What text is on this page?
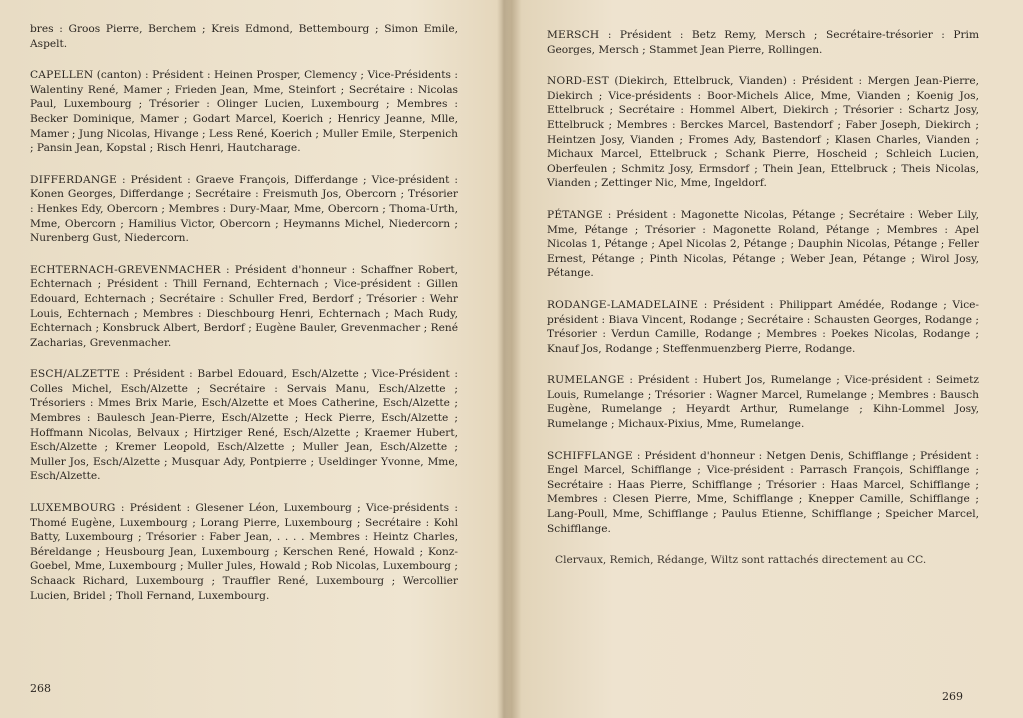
bres : Groos Pierre, Berchem ; Kreis Edmond, Bettembourg ; Simon Emile, Aspelt.

CAPELLEN (canton) : Président : Heinen Prosper, Clemency ; Vice-Présidents : Walentiny René, Mamer ; Frieden Jean, Mme, Steinfort ; Secrétaire : Nicolas Paul, Luxembourg ; Trésorier : Olinger Lucien, Luxembourg ; Membres : Becker Dominique, Mamer ; Godart Marcel, Koerich ; Henricy Jeanne, Mlle, Mamer ; Jung Nicolas, Hivange ; Less René, Koerich ; Muller Emile, Sterpenich ; Pansin Jean, Kopstal ; Risch Henri, Hautcharage.

DIFFERDANGE : Président : Graeve François, Differdange ; Vice-président : Konen Georges, Differdange ; Secrétaire : Freismuth Jos, Obercorn ; Trésorier : Henkes Edy, Obercorn ; Membres : Dury-Maar, Mme, Obercorn ; Thoma-Urth, Mme, Obercorn ; Hamilius Victor, Obercorn ; Heymanns Michel, Niedercorn ; Nurenberg Gust, Niedercorn.

ECHTERNACH-GREVENMACHER : Président d'honneur : Schaffner Robert, Echternach ; Président : Thill Fernand, Echternach ; Vice-président : Gillen Edouard, Echternach ; Secrétaire : Schuller Fred, Berdorf ; Trésorier : Wehr Louis, Echternach ; Membres : Dieschbourg Henri, Echternach ; Mach Rudy, Echternach ; Konsbruck Albert, Berdorf ; Eugène Bauler, Grevenmacher ; René Zacharias, Grevenmacher.

ESCH/ALZETTE : Président : Barbel Edouard, Esch/Alzette ; Vice-Président : Colles Michel, Esch/Alzette ; Secrétaire : Servais Manu, Esch/Alzette ; Trésoriers : Mmes Brix Marie, Esch/Alzette et Moes Catherine, Esch/Alzette ; Membres : Baulesch Jean-Pierre, Esch/Alzette ; Heck Pierre, Esch/Alzette ; Hoffmann Nicolas, Belvaux ; Hirtziger René, Esch/Alzette ; Kraemer Hubert, Esch/Alzette ; Kremer Leopold, Esch/Alzette ; Muller Jean, Esch/Alzette ; Muller Jos, Esch/Alzette ; Musquar Ady, Pontpierre ; Useldinger Yvonne, Mme, Esch/Alzette.

LUXEMBOURG : Président : Glesener Léon, Luxembourg ; Vice-présidents : Thomé Eugène, Luxembourg ; Lorang Pierre, Luxembourg ; Secrétaire : Kohl Batty, Luxembourg ; Trésorier : Faber Jean, . . . . Membres : Heintz Charles, Béreldange ; Heusbourg Jean, Luxembourg ; Kerschen René, Howald ; Konz-Goebel, Mme, Luxembourg ; Muller Jules, Howald ; Rob Nicolas, Luxembourg ; Schaack Richard, Luxembourg ; Trauffler René, Luxembourg ; Wercollier Lucien, Bridel ; Tholl Fernand, Luxembourg.

268

MERSCH : Président : Betz Remy, Mersch ; Secrétaire-trésorier : Prim Georges, Mersch ; Stammet Jean Pierre, Rollingen.

NORD-EST (Diekirch, Ettelbruck, Vianden) : Président : Mergen Jean-Pierre, Diekirch ; Vice-présidents : Boor-Michels Alice, Mme, Vianden ; Koenig Jos, Ettelbruck ; Secrétaire : Hommel Albert, Diekirch ; Trésorier : Schartz Josy, Ettelbruck ; Membres : Berckes Marcel, Bastendorf ; Faber Joseph, Diekirch ; Heintzen Josy, Vianden ; Fromes Ady, Bastendorf ; Klasen Charles, Vianden ; Michaux Marcel, Ettelbruck ; Schank Pierre, Hoscheid ; Schleich Lucien, Oberfeulen ; Schmitz Josy, Ermsdorf ; Thein Jean, Ettelbruck ; Theis Nicolas, Vianden ; Zettinger Nic, Mme, Ingeldorf.

PÉTANGE : Président : Magonette Nicolas, Pétange ; Secrétaire : Weber Lily, Mme, Pétange ; Trésorier : Magonette Roland, Pétange ; Membres : Apel Nicolas 1, Pétange ; Apel Nicolas 2, Pétange ; Dauphin Nicolas, Pétange ; Feller Ernest, Pétange ; Pinth Nicolas, Pétange ; Weber Jean, Pétange ; Wirol Josy, Pétange.

RODANGE-LAMADELAINE : Président : Philippart Amédée, Rodange ; Vice-président : Biava Vincent, Rodange ; Secrétaire : Schausten Georges, Rodange ; Trésorier : Verdun Camille, Rodange ; Membres : Poekes Nicolas, Rodange ; Knauf Jos, Rodange ; Steffenmuenzberg Pierre, Rodange.

RUMELANGE : Président : Hubert Jos, Rumelange ; Vice-président : Seimetz Louis, Rumelange ; Trésorier : Wagner Marcel, Rumelange ; Membres : Bausch Eugène, Rumelange ; Heyardt Arthur, Rumelange ; Kihn-Lommel Josy, Rumelange ; Michaux-Pixius, Mme, Rumelange.

SCHIFFLANGE : Président d'honneur : Netgen Denis, Schifflange ; Président : Engel Marcel, Schifflange ; Vice-président : Parrasch François, Schifflange ; Secrétaire : Haas Pierre, Schifflange ; Trésorier : Haas Marcel, Schifflange ; Membres : Clesen Pierre, Mme, Schifflange ; Knepper Camille, Schifflange ; Lang-Poull, Mme, Schifflange ; Paulus Etienne, Schifflange ; Speicher Marcel, Schifflange.

Clervaux, Remich, Rédange, Wiltz sont rattachés directement au CC.

269
